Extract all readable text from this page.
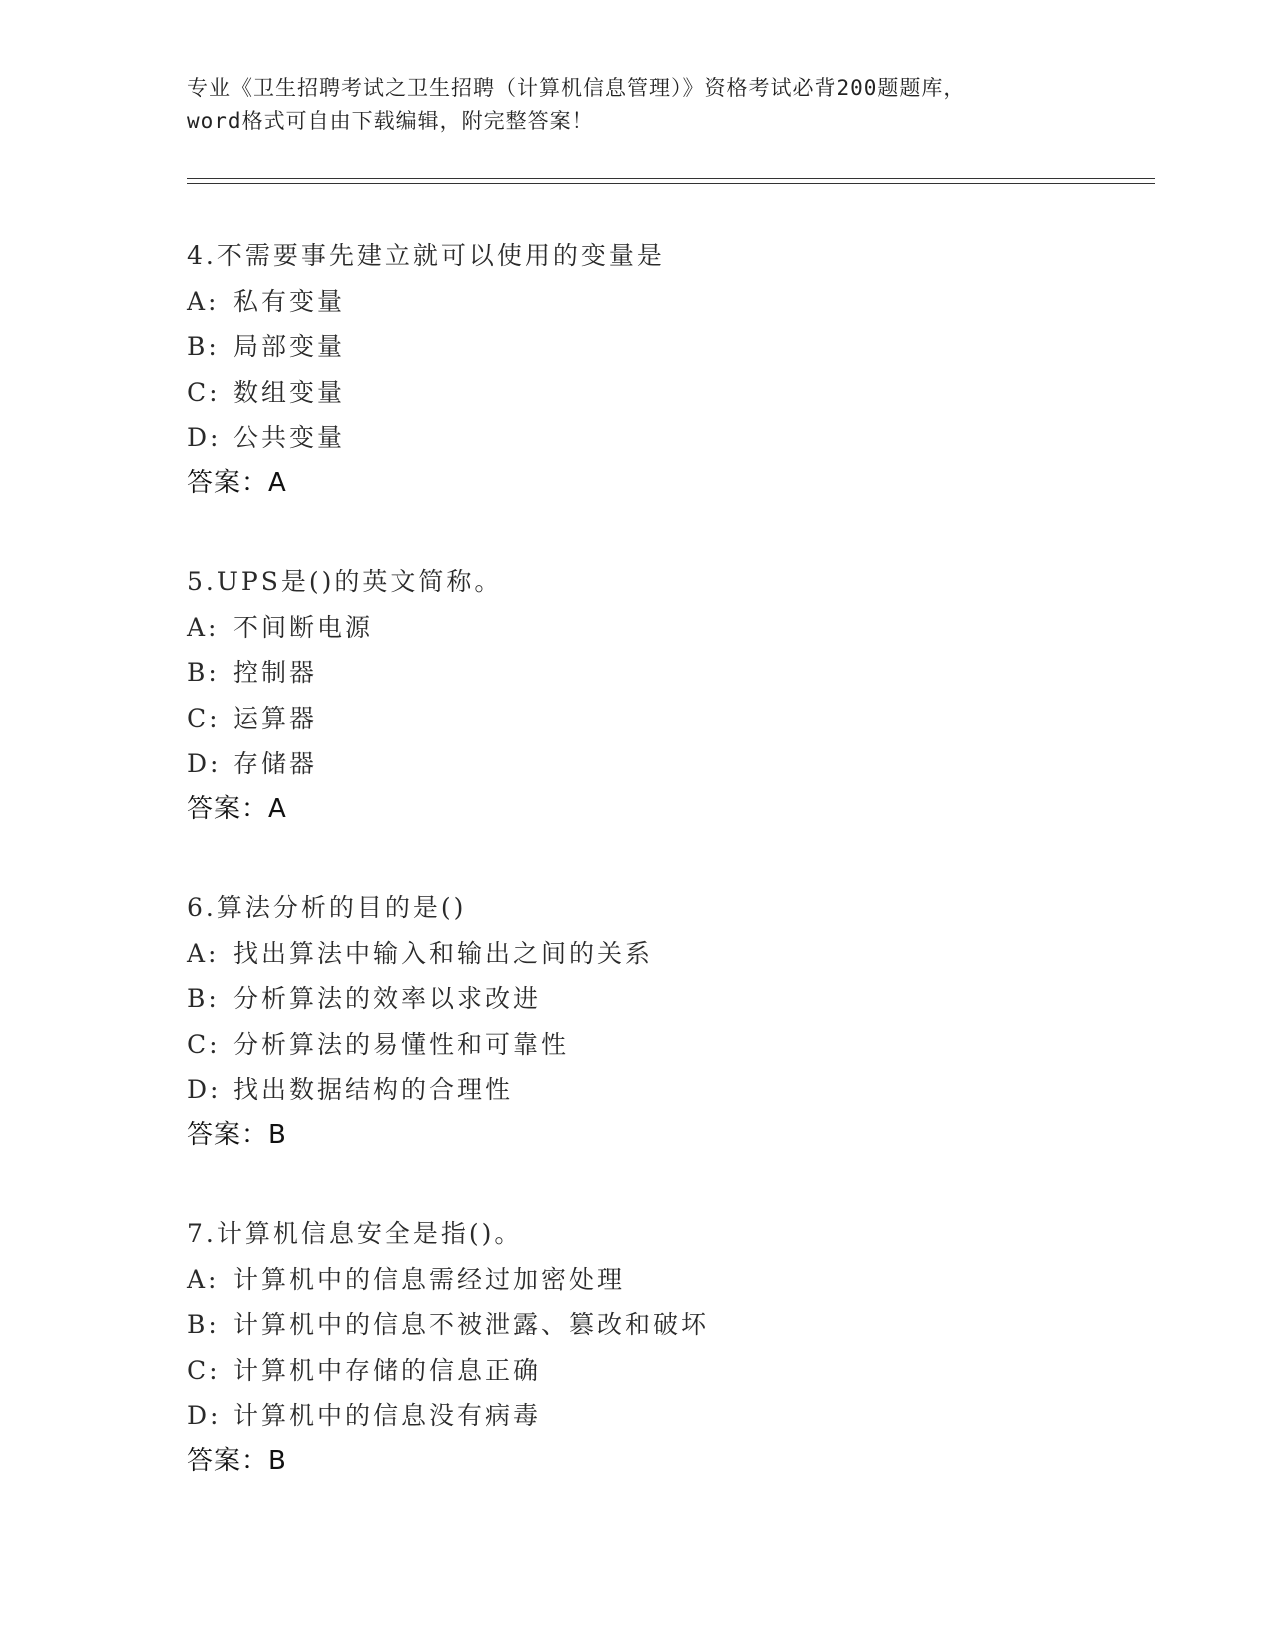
专业《卫生招聘考试之卫生招聘（计算机信息管理）》资格考试必背200题题库，
word格式可自由下载编辑，附完整答案！
4.不需要事先建立就可以使用的变量是
A: 私有变量
B: 局部变量
C: 数组变量
D: 公共变量
答案：A
5.UPS是()的英文简称。
A: 不间断电源
B: 控制器
C: 运算器
D: 存储器
答案：A
6.算法分析的目的是()
A: 找出算法中输入和输出之间的关系
B: 分析算法的效率以求改进
C: 分析算法的易懂性和可靠性
D: 找出数据结构的合理性
答案：B
7.计算机信息安全是指()。
A: 计算机中的信息需经过加密处理
B: 计算机中的信息不被泄露、篡改和破坏
C: 计算机中存储的信息正确
D: 计算机中的信息没有病毒
答案：B
